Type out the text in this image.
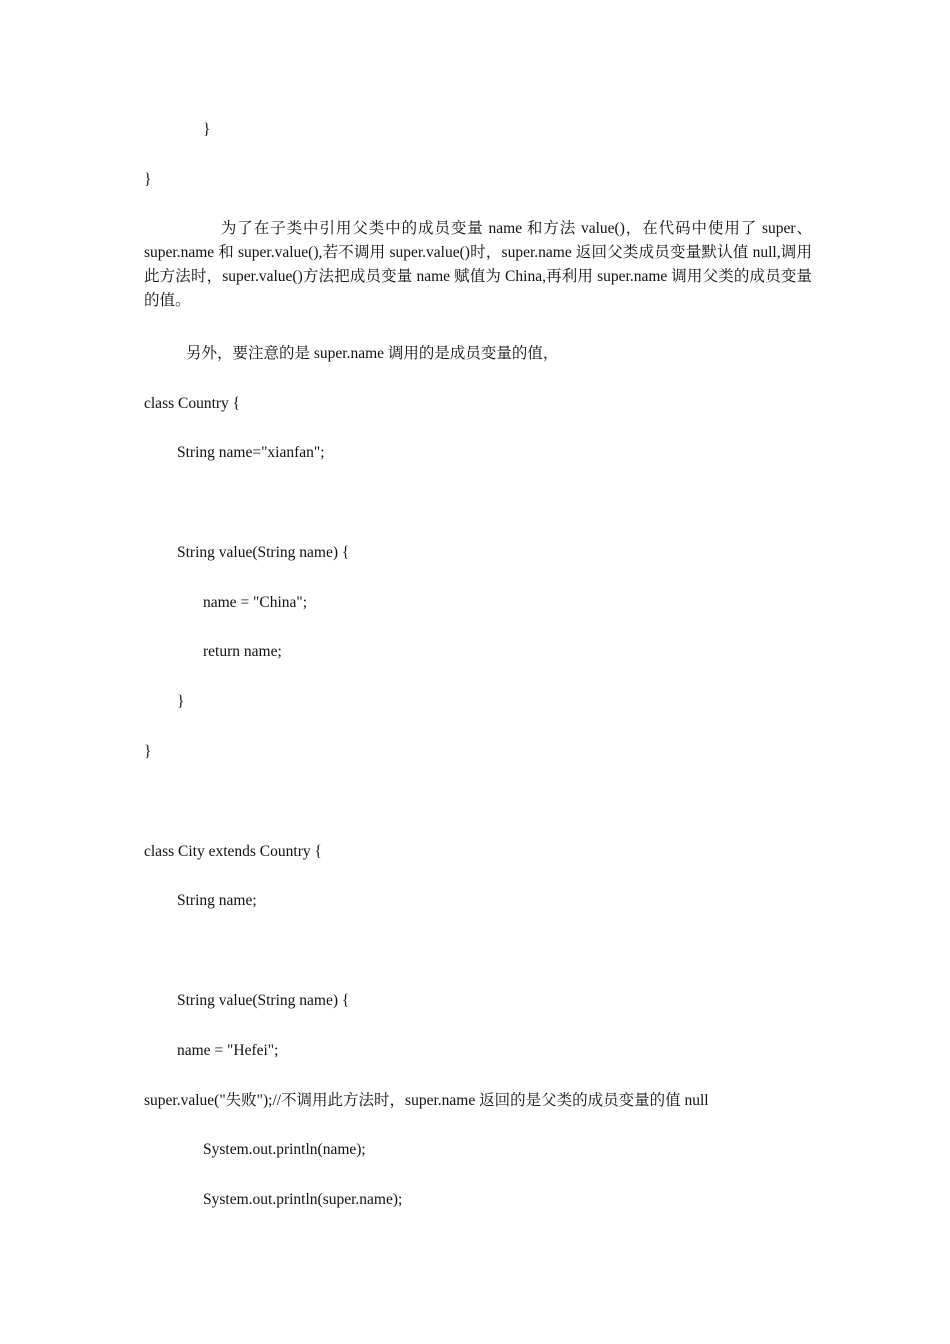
}
}
为了在子类中引用父类中的成员变量 name 和方法 value()，在代码中使用了 super、super.name 和 super.value(),若不调用 super.value()时，super.name 返回父类成员变量默认值 null,调用此方法时，super.value()方法把成员变量 name 赋值为 China,再利用 super.name 调用父类的成员变量的值。
另外，要注意的是 super.name 调用的是成员变量的值，
class Country {
String name="xianfan";
String value(String name) {
name = "China";
return name;
}
}
class City extends Country {
String name;
String value(String name) {
name = "Hefei";
super.value("失败");//不调用此方法时，super.name 返回的是父类的成员变量的值 null
System.out.println(name);
System.out.println(super.name);
